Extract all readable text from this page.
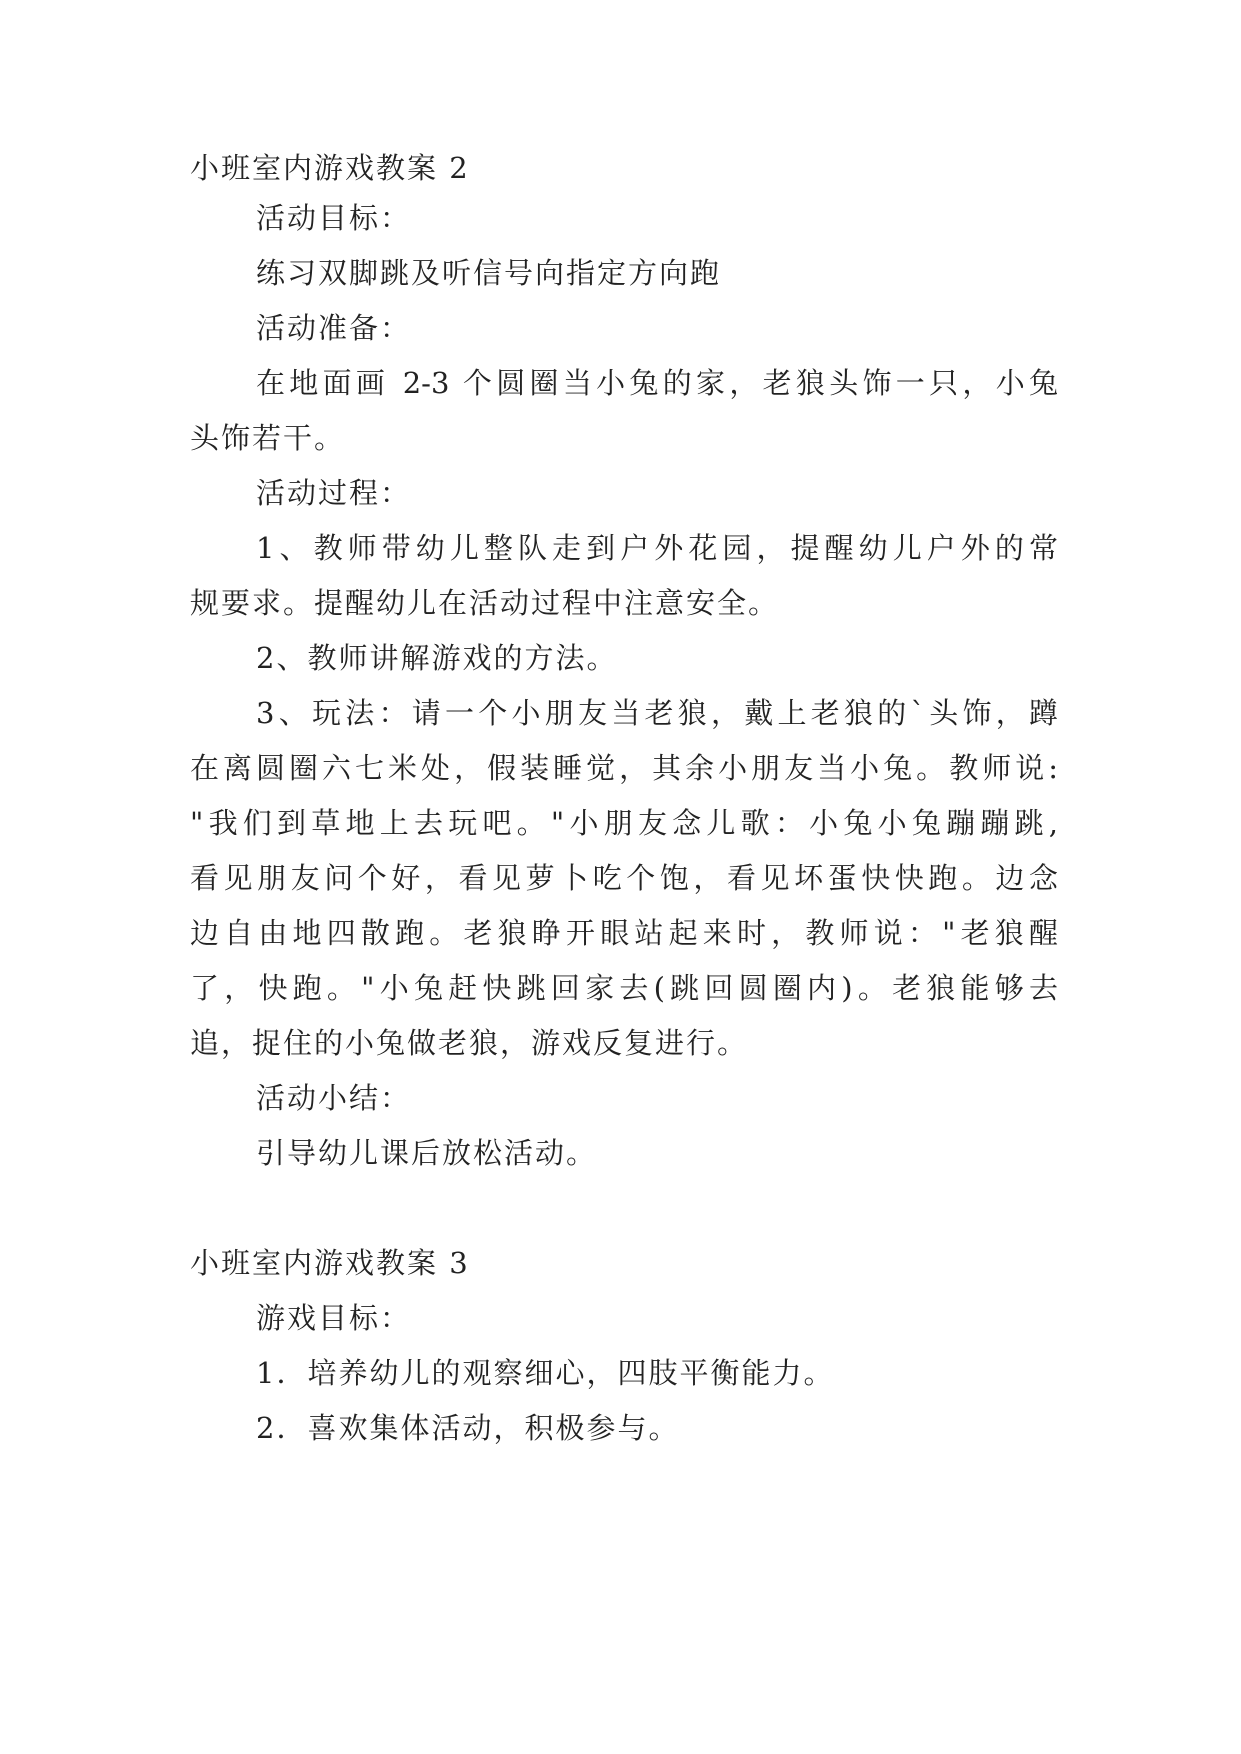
小班室内游戏教案 2
活动目标：
练习双脚跳及听信号向指定方向跑
活动准备：
在地面画 2-3 个圆圈当小兔的家，老狼头饰一只，小兔
头饰若干。
活动过程：
1、教师带幼儿整队走到户外花园，提醒幼儿户外的常
规要求。提醒幼儿在活动过程中注意安全。
2、教师讲解游戏的方法。
3、玩法：请一个小朋友当老狼，戴上老狼的`头饰，蹲
在离圆圈六七米处，假装睡觉，其余小朋友当小兔。教师说:
"我们到草地上去玩吧。"小朋友念儿歌：小兔小兔蹦蹦跳,
看见朋友问个好，看见萝卜吃个饱，看见坏蛋快快跑。边念
边自由地四散跑。老狼睁开眼站起来时，教师说："老狼醒
了，快跑。"小兔赶快跳回家去(跳回圆圈内)。老狼能够去
追，捉住的小兔做老狼，游戏反复进行。
活动小结：
引导幼儿课后放松活动。
小班室内游戏教案 3
游戏目标：
1．培养幼儿的观察细心，四肢平衡能力。
2．喜欢集体活动，积极参与。
